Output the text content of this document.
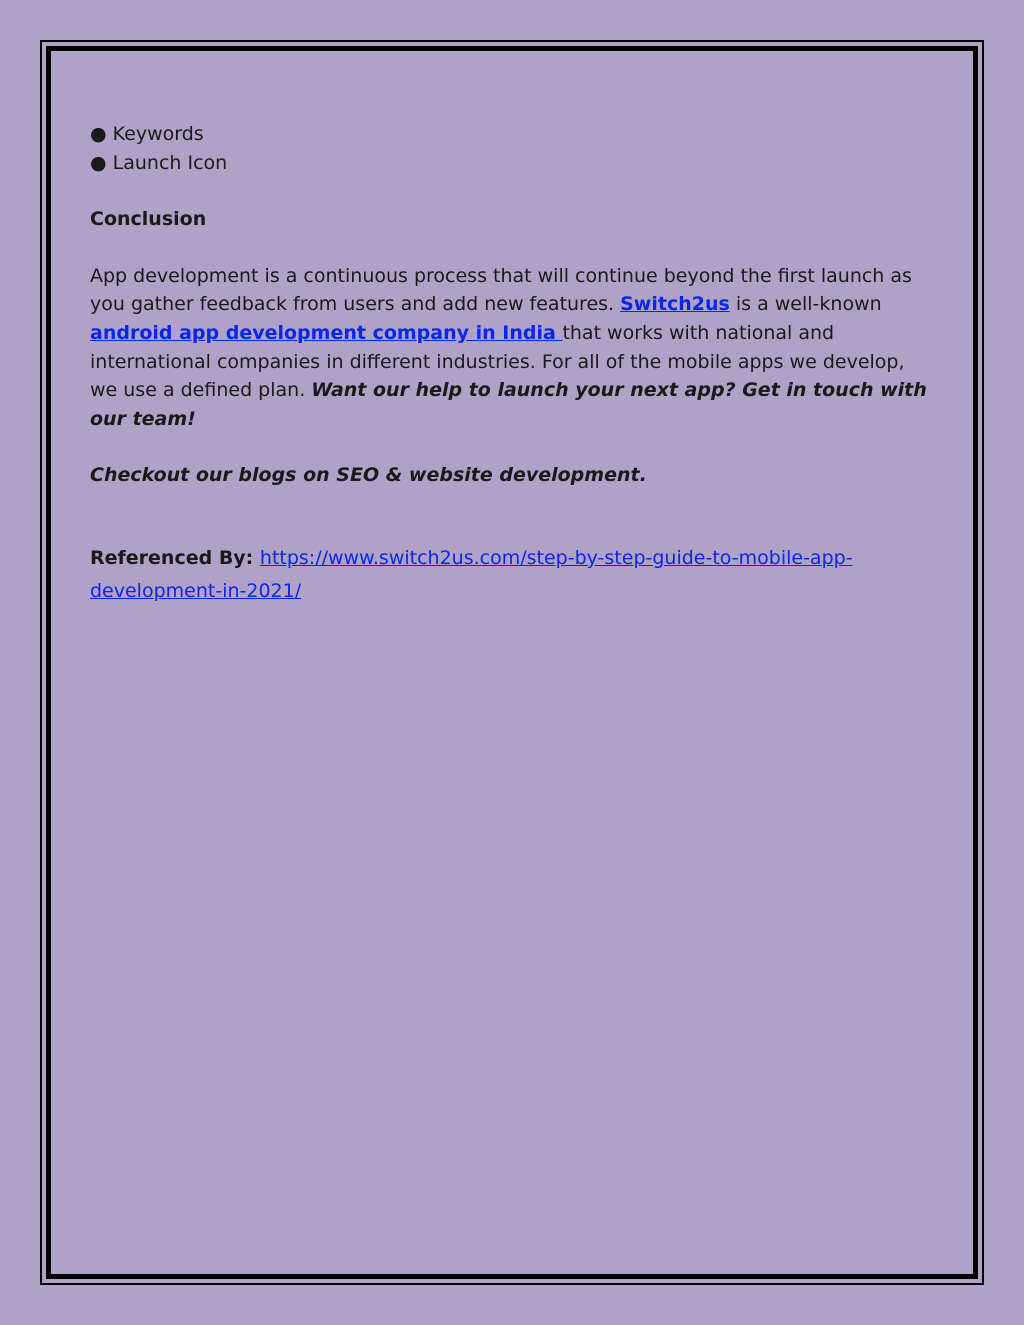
● Keywords
● Launch Icon

Conclusion

App development is a continuous process that will continue beyond the first launch as you gather feedback from users and add new features. Switch2us is a well-known android app development company in India that works with national and international companies in different industries. For all of the mobile apps we develop, we use a defined plan. Want our help to launch your next app? Get in touch with our team!

Checkout our blogs on SEO & website development.

Referenced By: https://www.switch2us.com/step-by-step-guide-to-mobile-app-development-in-2021/
